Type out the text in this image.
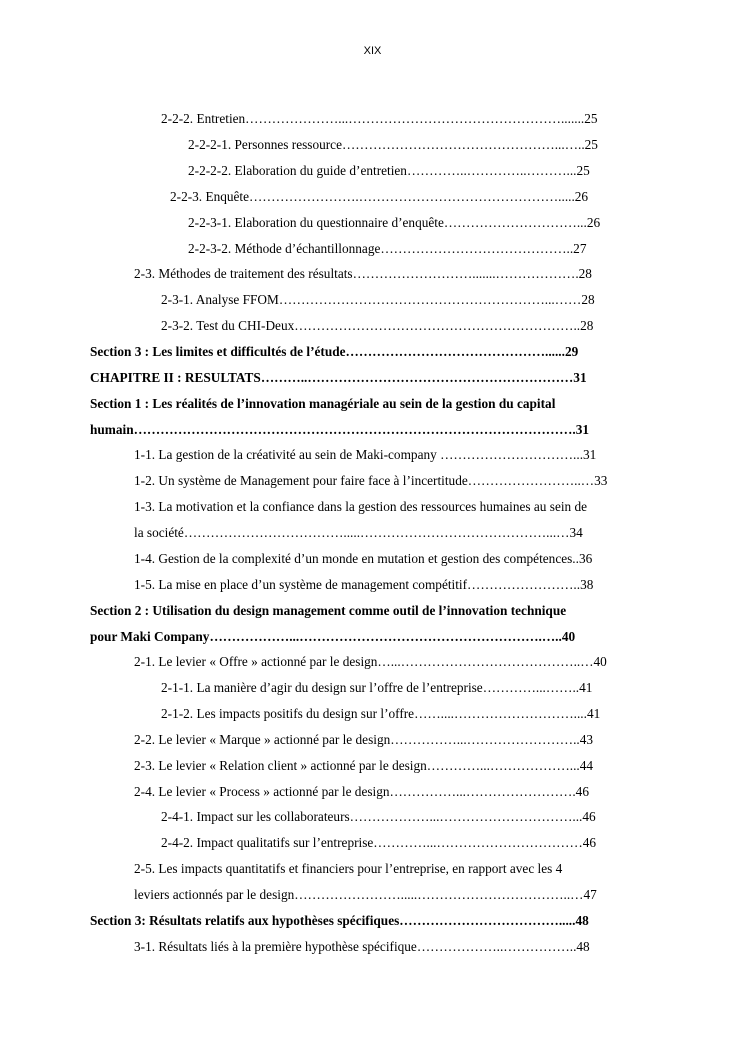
XIX
2-2-2. Entretien…………………...………………………………………….......25
2-2-2-1. Personnes ressource…………………………………………...…..25
2-2-2-2. Elaboration du guide d’entretien…………..…………..………...25
2-2-3. Enquête…………………….……………………………………….....26
2-2-3-1. Elaboration du questionnaire d’enquête…………………………...26
2-2-3-2. Méthode d’échantillonnage……………………………………..27
2-3. Méthodes de traitement des résultats……………………….......……………….28
2-3-1. Analyse FFOM……………………………………………………...……28
2-3-2. Test du CHI-Deux………………………………………………………..28
Section 3 : Les limites et difficultés de l’étude………………………………………......29
CHAPITRE II : RESULTATS………..……………………………………………………31
Section 1 : Les réalités de l’innovation managériale au sein de la gestion du capital
humain……………………………………………………………………………………….31
1-1. La gestion de la créativité au sein de Maki-company …………………………...31
1-2. Un système de Management pour faire face à l’incertitude……………………..…33
1-3. La motivation et la confiance dans la gestion des ressources humaines au sein de
la société……………………………….....……………………………………...…34
1-4. Gestion de la complexité d’un monde en mutation et gestion des compétences..36
1-5. La mise en place d’un système de management compétitif……………………..38
Section 2 : Utilisation du design management comme outil de l’innovation technique
pour Maki Company………………...……………………………………………….…..40
2-1. Le levier « Offre » actionné par le design…...…………………………………..…40
2-1-1. La manière d’agir du design sur l’offre de l’entreprise…………...……..41
2-1-2. Les impacts positifs du design sur l’offre……....………………………....41
2-2. Le levier « Marque » actionné par le design……………...……………………..43
2-3. Le levier « Relation client » actionné par le design…………...………………...44
2-4. Le levier « Process » actionné par le design……………...…………………….46
2-4-1. Impact sur les collaborateurs………………...…………………………...46
2-4-2. Impact qualitatifs sur l’entreprise…………...……………………………46
2-5. Les impacts quantitatifs et financiers pour l’entreprise, en rapport avec les 4
leviers actionnés par le design…………………….....……………………………..…47
Section 3: Résultats relatifs aux hypothèses spécifiques……………………………….....48
3-1. Résultats liés à la première hypothèse spécifique………………..……………..48
